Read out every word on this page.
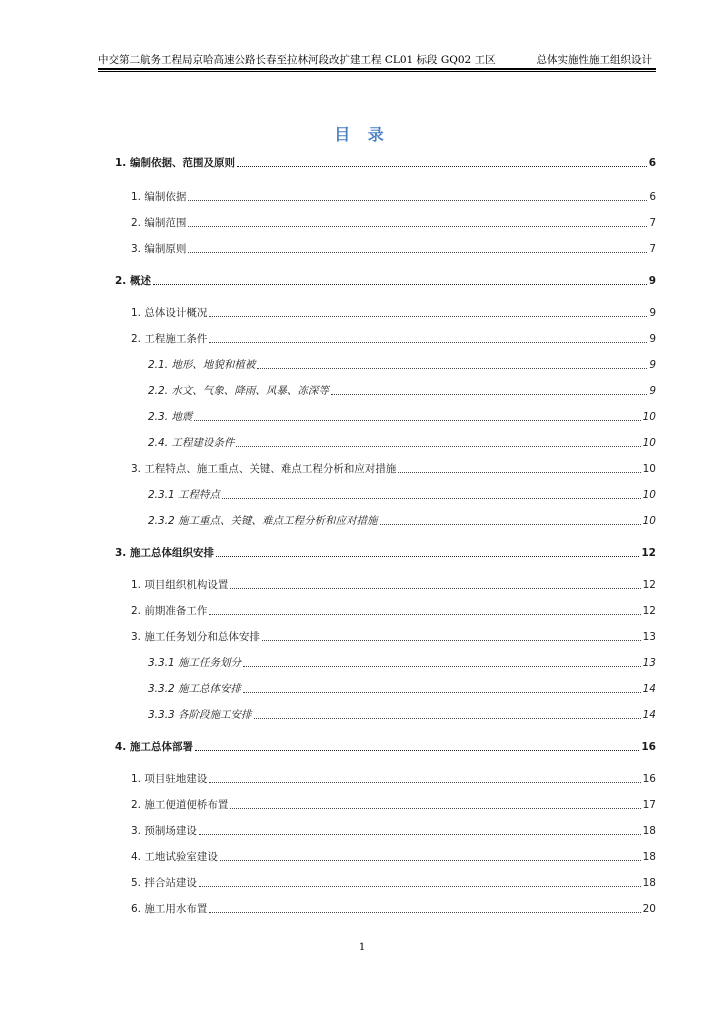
中交第二航务工程局京哈高速公路长春至拉林河段改扩建工程 CL01 标段 GQ02 工区	总体实施性施工组织设计
目 录
1. 编制依据、范围及原则	6
1. 编制依据	6
2. 编制范围	7
3. 编制原则	7
2. 概述	9
1. 总体设计概况	9
2. 工程施工条件	9
2.1. 地形、地貌和植被	9
2.2. 水文、气象、降雨、风暴、冻深等	9
2.3. 地震	10
2.4. 工程建设条件	10
3. 工程特点、施工重点、关键、难点工程分析和应对措施	10
2.3.1 工程特点	10
2.3.2 施工重点、关键、难点工程分析和应对措施	10
3. 施工总体组织安排	12
1. 项目组织机构设置	12
2. 前期准备工作	12
3. 施工任务划分和总体安排	13
3.3.1 施工任务划分	13
3.3.2 施工总体安排	14
3.3.3 各阶段施工安排	14
4. 施工总体部署	16
1. 项目驻地建设	16
2. 施工便道便桥布置	17
3. 预制场建设	18
4. 工地试验室建设	18
5. 拌合站建设	18
6. 施工用水布置	20
1
